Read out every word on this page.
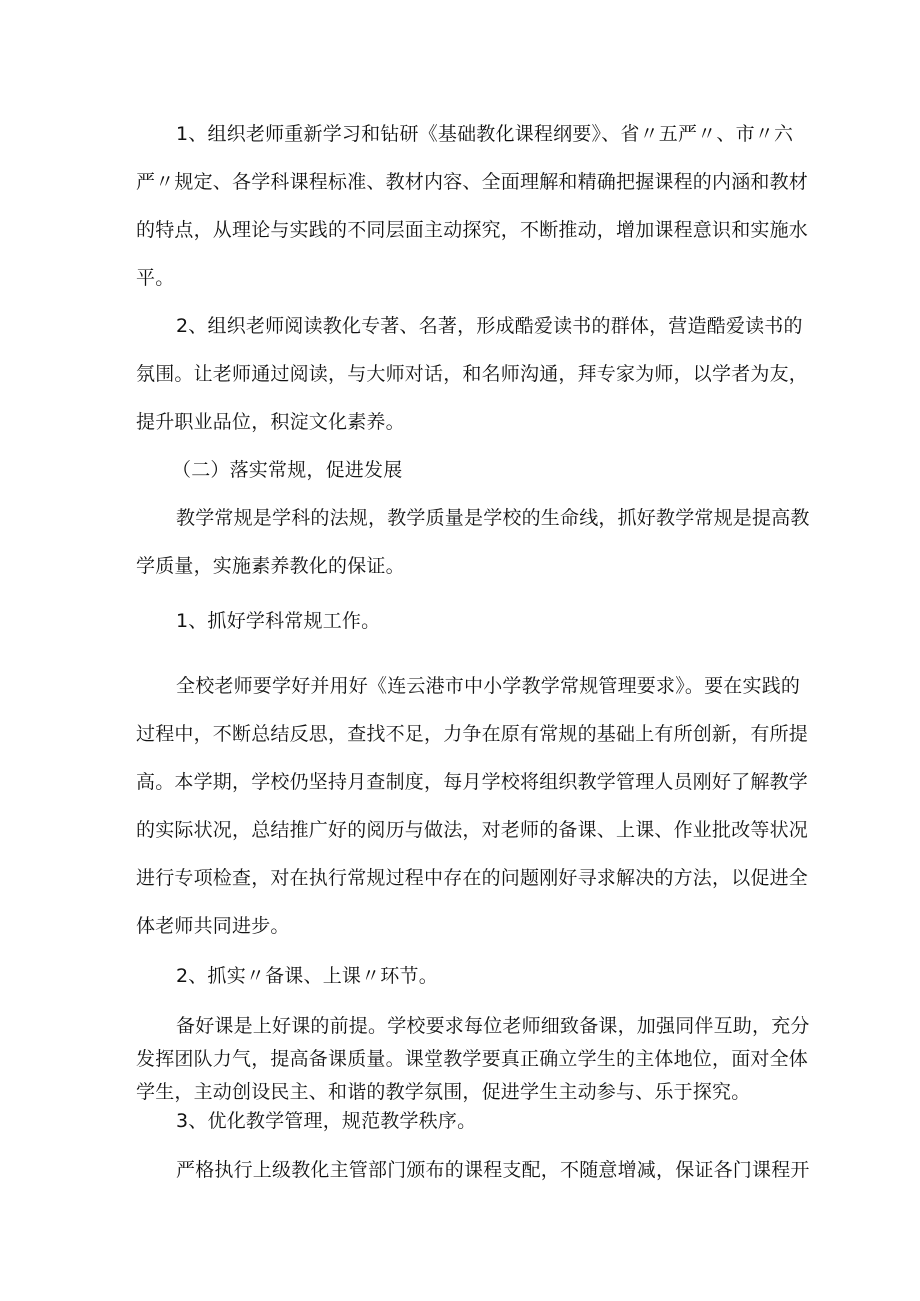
1、组织老师重新学习和钻研《基础教化课程纲要》、省〃五严〃、市〃六
严〃规定、各学科课程标准、教材内容、全面理解和精确把握课程的内涵和教材
的特点，从理论与实践的不同层面主动探究，不断推动，增加课程意识和实施水
平。
2、组织老师阅读教化专著、名著，形成酷爱读书的群体，营造酷爱读书的
氛围。让老师通过阅读，与大师对话，和名师沟通，拜专家为师，以学者为友，
提升职业品位，积淀文化素养。
（二）落实常规，促进发展
教学常规是学科的法规，教学质量是学校的生命线，抓好教学常规是提高教
学质量，实施素养教化的保证。
1、抓好学科常规工作。
全校老师要学好并用好《连云港市中小学教学常规管理要求》。要在实践的
过程中，不断总结反思，查找不足，力争在原有常规的基础上有所创新，有所提
高。本学期，学校仍坚持月查制度，每月学校将组织教学管理人员刚好了解教学
的实际状况，总结推广好的阅历与做法，对老师的备课、上课、作业批改等状况
进行专项检查，对在执行常规过程中存在的问题刚好寻求解决的方法，以促进全
体老师共同进步。
2、抓实〃备课、上课〃环节。
备好课是上好课的前提。学校要求每位老师细致备课，加强同伴互助，充分
发挥团队力气，提高备课质量。课堂教学要真正确立学生的主体地位，面对全体
学生，主动创设民主、和谐的教学氛围，促进学生主动参与、乐于探究。
3、优化教学管理，规范教学秩序。
严格执行上级教化主管部门颁布的课程支配，不随意增减，保证各门课程开
